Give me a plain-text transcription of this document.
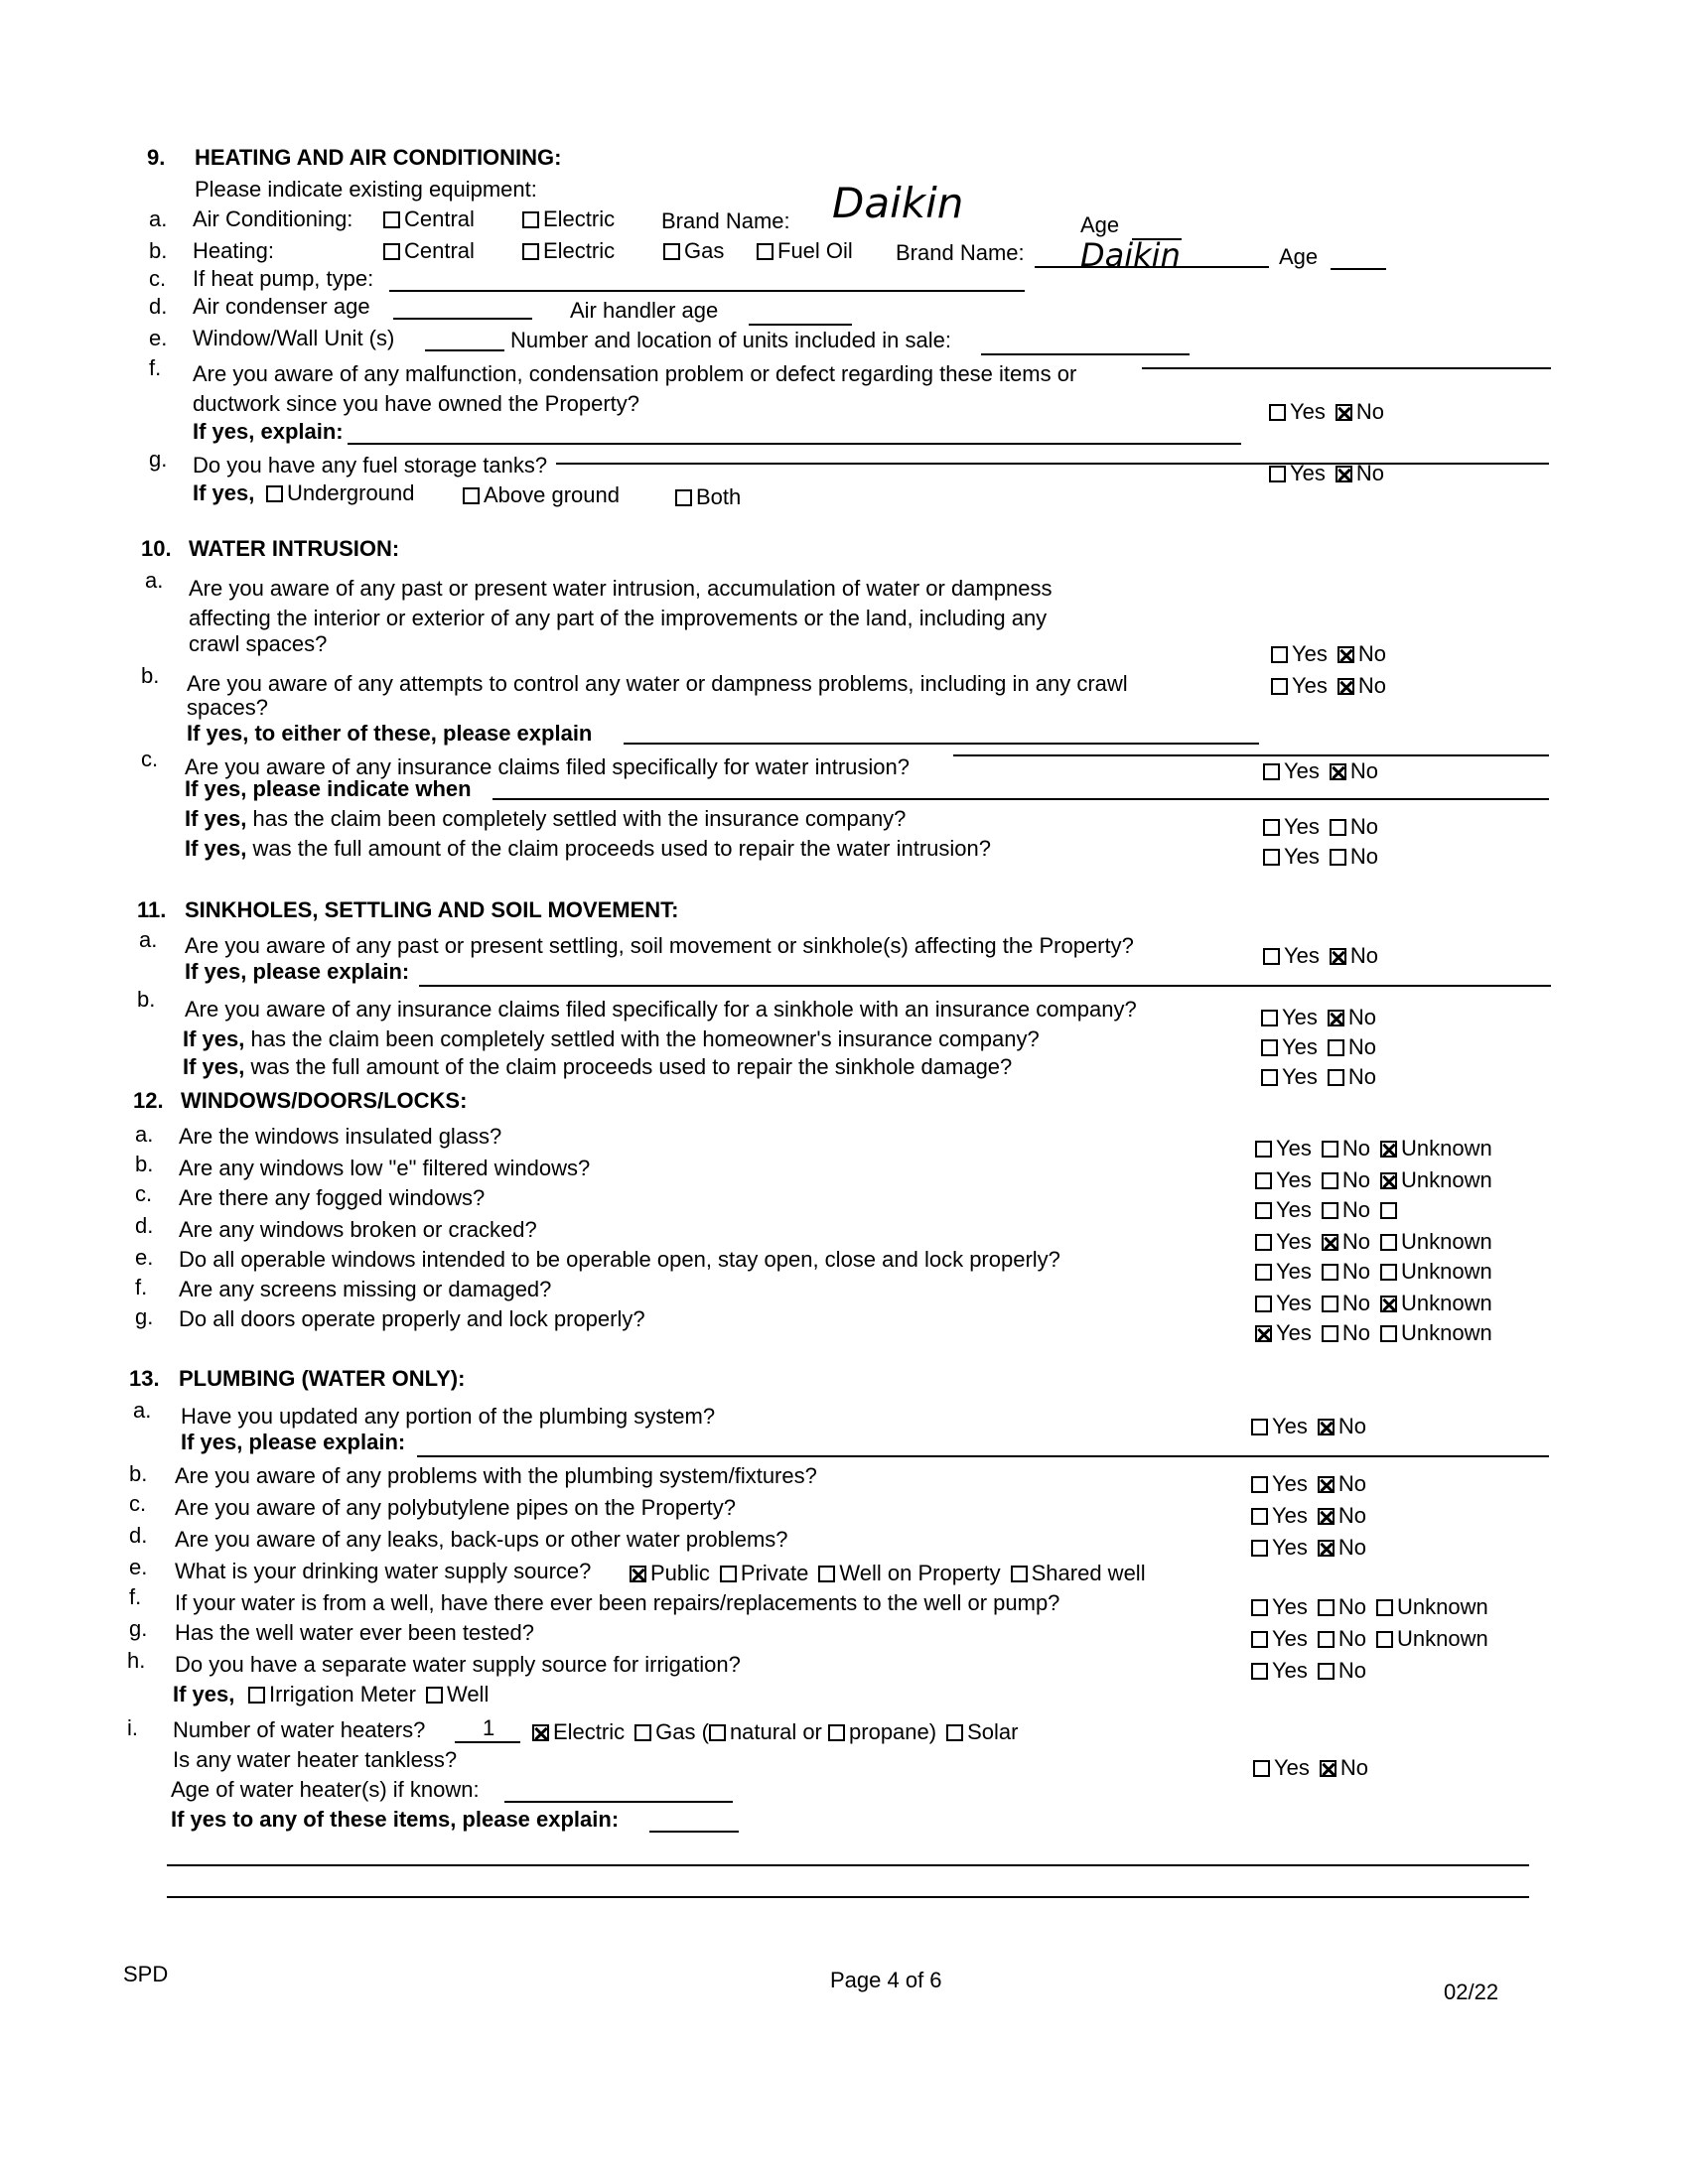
9. HEATING AND AIR CONDITIONING:
Please indicate existing equipment:
a. Air Conditioning:	Central	Electric Brand Name: Daikin	Age
b. Heating:	Central	Electric	Gas	Fuel Oil Brand Name: Daikin	Age
c. If heat pump, type:
d. Air condenser age	Air handler age
e. Window/Wall Unit (s)	Number and location of units included in sale:
f. Are you aware of any malfunction, condensation problem or defect regarding these items or
ductwork since you have owned the Property?
If yes, explain:
Yes No
g. Do you have any fuel storage tanks?
If yes,	Underground	Above ground	Both
Yes No
10. WATER INTRUSION:
a. Are you aware of any past or present water intrusion, accumulation of water or dampness
affecting the interior or exterior of any part of the improvements or the land, including any
crawl spaces?	Yes No
b. Are you aware of any attempts to control any water or dampness problems, including in any crawl
spaces?
Yes No
If yes, to either of these, please explain
c. Are you aware of any insurance claims filed specifically for water intrusion?	Yes No
If yes, please indicate when
If yes, has the claim been completely settled with the insurance company?	Yes No
If yes, was the full amount of the claim proceeds used to repair the water intrusion?	Yes No
11. SINKHOLES, SETTLING AND SOIL MOVEMENT:
a. Are you aware of any past or present settling, soil movement or sinkhole(s) affecting the Property?	Yes No
If yes, please explain:
b. Are you aware of any insurance claims filed specifically for a sinkhole with an insurance company?	Yes No
If yes, has the claim been completely settled with the homeowner's insurance company?	Yes No
If yes, was the full amount of the claim proceeds used to repair the sinkhole damage?	Yes No
12. WINDOWS/DOORS/LOCKS:
a. Are the windows insulated glass?	Yes No Unknown
b. Are any windows low "e" filtered windows?	Yes No Unknown
c. Are there any fogged windows?	Yes No
d. Are any windows broken or cracked?	Yes No Unknown
e. Do all operable windows intended to be operable open, stay open, close and lock properly?	Yes No Unknown
f. Are any screens missing or damaged?
Yes No Unknown
g. Do all doors operate properly and lock properly?
Yes No Unknown
13. PLUMBING (WATER ONLY):
a. Have you updated any portion of the plumbing system?	Yes No
If yes, please explain:
b. Are you aware of any problems with the plumbing system/fixtures?	Yes No
c. Are you aware of any polybutylene pipes on the Property?	Yes No
d. Are you aware of any leaks, back-ups or other water problems?	Yes No
e. What is your drinking water supply source?	Public Private Well on Property Shared well
f. If your water is from a well, have there ever been repairs/replacements to the well or pump?	Yes No Unknown
g. Has the well water ever been tested?	Yes No Unknown
h. Do you have a separate water supply source for irrigation?	Yes No
If yes,	Irrigation Meter Well
i. Number of water heaters?	1	Electric Gas ( natural or propane) Solar
Is any water heater tankless?	Yes No
Age of water heater(s) if known:
If yes to any of these items, please explain:
SPD	Page 4 of 6	02/22
